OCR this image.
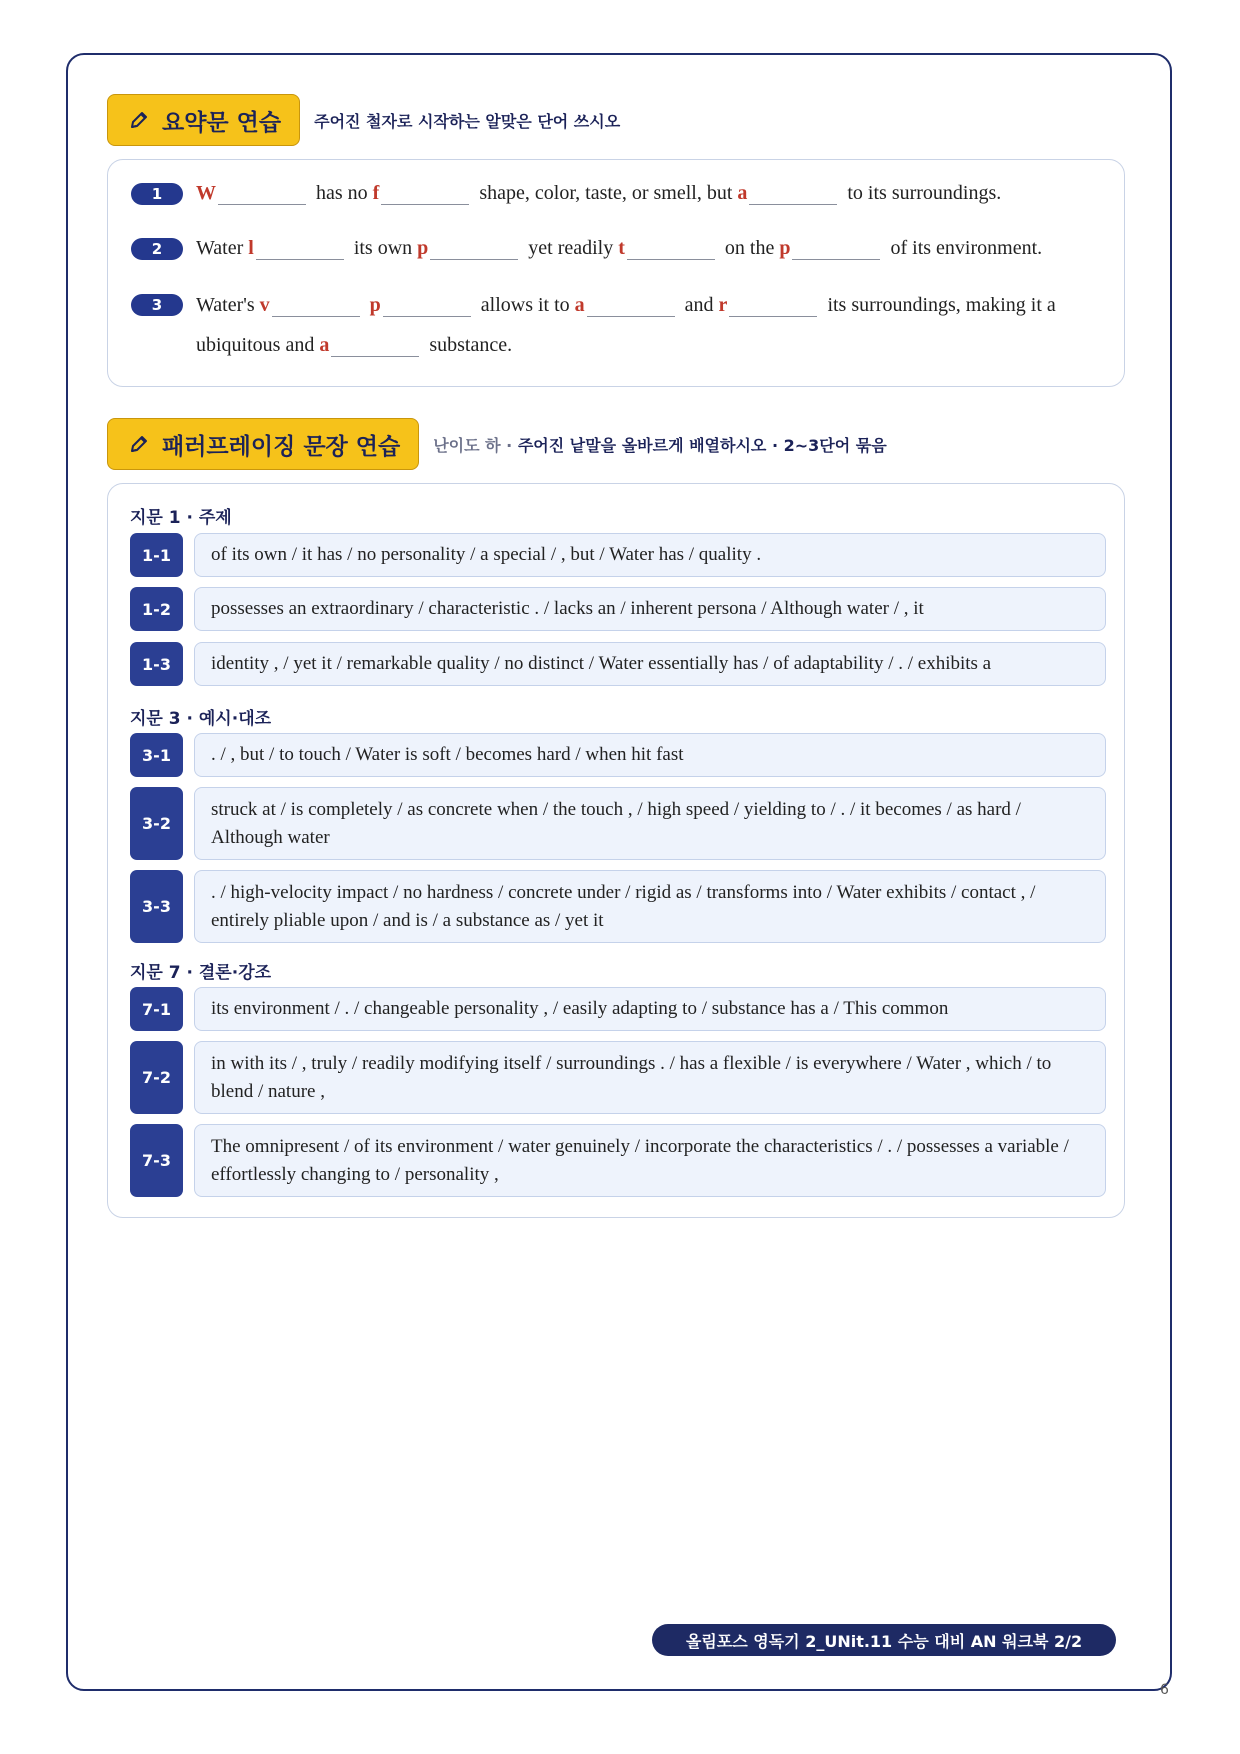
요약문 연습 주어진 철자로 시작하는 알맞은 단어 쓰시오
1	W	has no f	shape, color, taste, or smell, but a	to its surroundings.
2	Water l	its own p	yet readily t	on the p	of its environment.
3	Water's v	p	allows it to a	and r	its surroundings, making it a
ubiquitous and a	substance.
패러프레이징 문장 연습 난이도 하 · 주어진 낱말을 올바르게 배열하시오 · 2~3단어 묶음
지문 1 · 주제
1-1	of its own / it has / no personality / a special / , but / Water has / quality .
1-2	possesses an extraordinary / characteristic . / lacks an / inherent persona / Although water / , it
1-3	identity , / yet it / remarkable quality / no distinct / Water essentially has / of adaptability / . / exhibits a
지문 3 · 예시·대조
3-1	. / , but / to touch / Water is soft / becomes hard / when hit fast
3-2
struck at / is completely / as concrete when / the touch , / high speed / yielding to / . / it becomes / as hard / Although water
3-3
. / high-velocity impact / no hardness / concrete under / rigid as / transforms into / Water exhibits / contact , / entirely pliable upon / and is / a substance as / yet it
지문 7 · 결론·강조
7-1	its environment / . / changeable personality , / easily adapting to / substance has a / This common
7-2
in with its / , truly / readily modifying itself / surroundings . / has a flexible / is everywhere / Water , which / to blend / nature ,
7-3
The omnipresent / of its environment / water genuinely / incorporate the characteristics / . / possesses a variable / effortlessly changing to / personality ,
올림포스 영독기 2_UNit.11 수능 대비 AN 워크북 2/2
6
